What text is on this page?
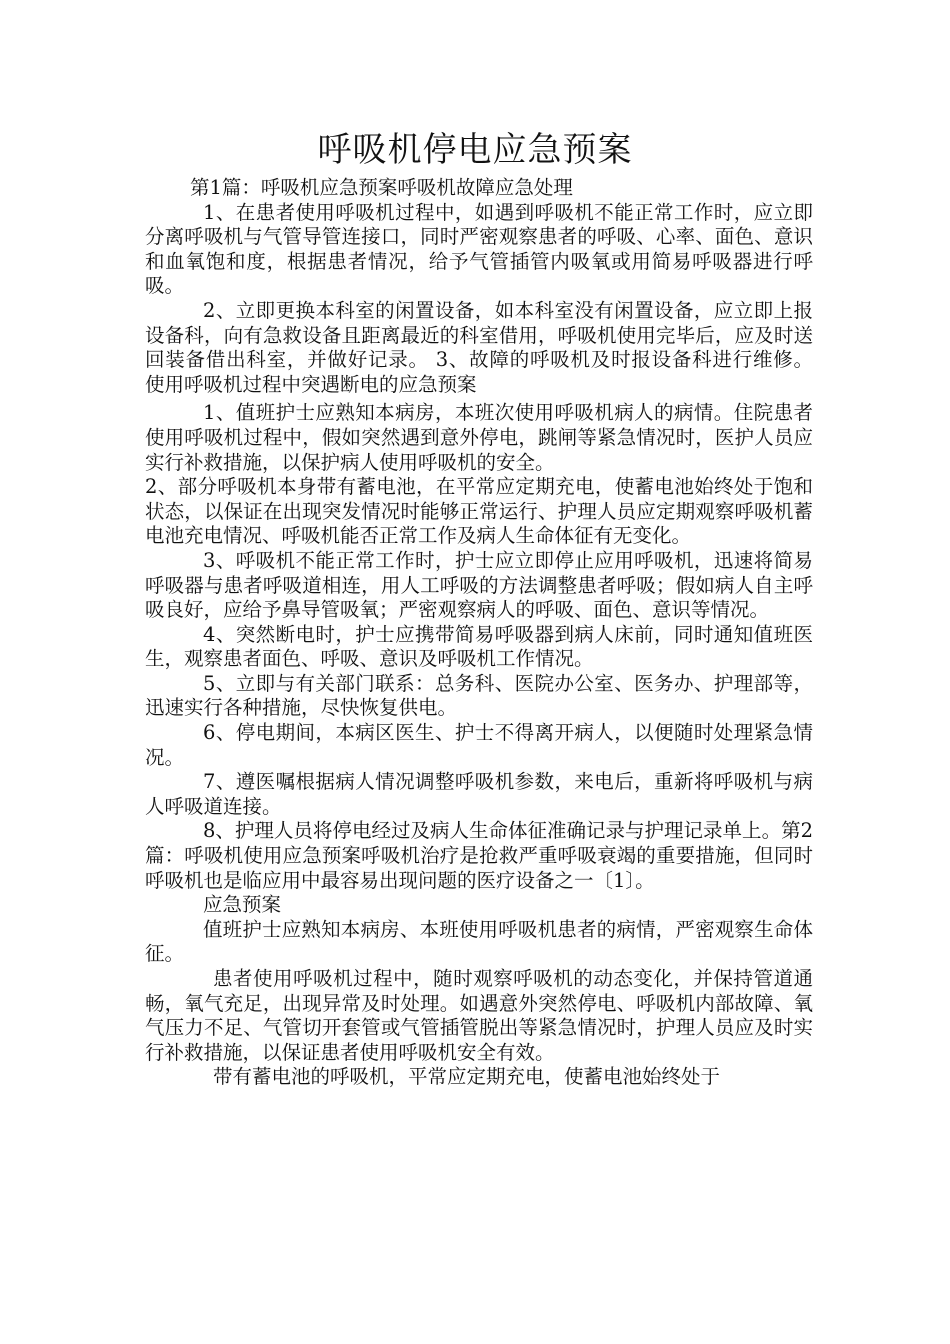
呼吸机停电应急预案

第1篇：呼吸机应急预案呼吸机故障应急处理

1、在患者使用呼吸机过程中，如遇到呼吸机不能正常工作时，应立即分离呼吸机与气管导管连接口，同时严密观察患者的呼吸、心率、面色、意识和血氧饱和度，根据患者情况，给予气管插管内吸氧或用简易呼吸器进行呼吸。

2、立即更换本科室的闲置设备，如本科室没有闲置设备，应立即上报设备科，向有急救设备且距离最近的科室借用，呼吸机使用完毕后，应及时送回装备借出科室，并做好记录。 3、故障的呼吸机及时报设备科进行维修。 使用呼吸机过程中突遇断电的应急预案

1、值班护士应熟知本病房，本班次使用呼吸机病人的病情。住院患者使用呼吸机过程中，假如突然遇到意外停电，跳闸等紧急情况时，医护人员应实行补救措施，以保护病人使用呼吸机的安全。

2、部分呼吸机本身带有蓄电池，在平常应定期充电，使蓄电池始终处于饱和状态，以保证在出现突发情况时能够正常运行、护理人员应定期观察呼吸机蓄电池充电情况、呼吸机能否正常工作及病人生命体征有无变化。

3、呼吸机不能正常工作时，护士应立即停止应用呼吸机，迅速将简易呼吸器与患者呼吸道相连，用人工呼吸的方法调整患者呼吸；假如病人自主呼吸良好，应给予鼻导管吸氧；严密观察病人的呼吸、面色、意识等情况。

4、突然断电时，护士应携带简易呼吸器到病人床前，同时通知值班医生，观察患者面色、呼吸、意识及呼吸机工作情况。

5、立即与有关部门联系：总务科、医院办公室、医务办、护理部等，迅速实行各种措施，尽快恢复供电。

6、停电期间，本病区医生、护士不得离开病人，以便随时处理紧急情况。

7、遵医嘱根据病人情况调整呼吸机参数，来电后，重新将呼吸机与病人呼吸道连接。

8、护理人员将停电经过及病人生命体征准确记录与护理记录单上。第2篇：呼吸机使用应急预案呼吸机治疗是抢救严重呼吸衰竭的重要措施，但同时呼吸机也是临应用中最容易出现问题的医疗设备之一〔1〕。

应急预案

值班护士应熟知本病房、本班使用呼吸机患者的病情，严密观察生命体征。

患者使用呼吸机过程中，随时观察呼吸机的动态变化，并保持管道通畅，氧气充足，出现异常及时处理。如遇意外突然停电、呼吸机内部故障、氧气压力不足、气管切开套管或气管插管脱出等紧急情况时，护理人员应及时实行补救措施，以保证患者使用呼吸机安全有效。

带有蓄电池的呼吸机，平常应定期充电，使蓄电池始终处于
